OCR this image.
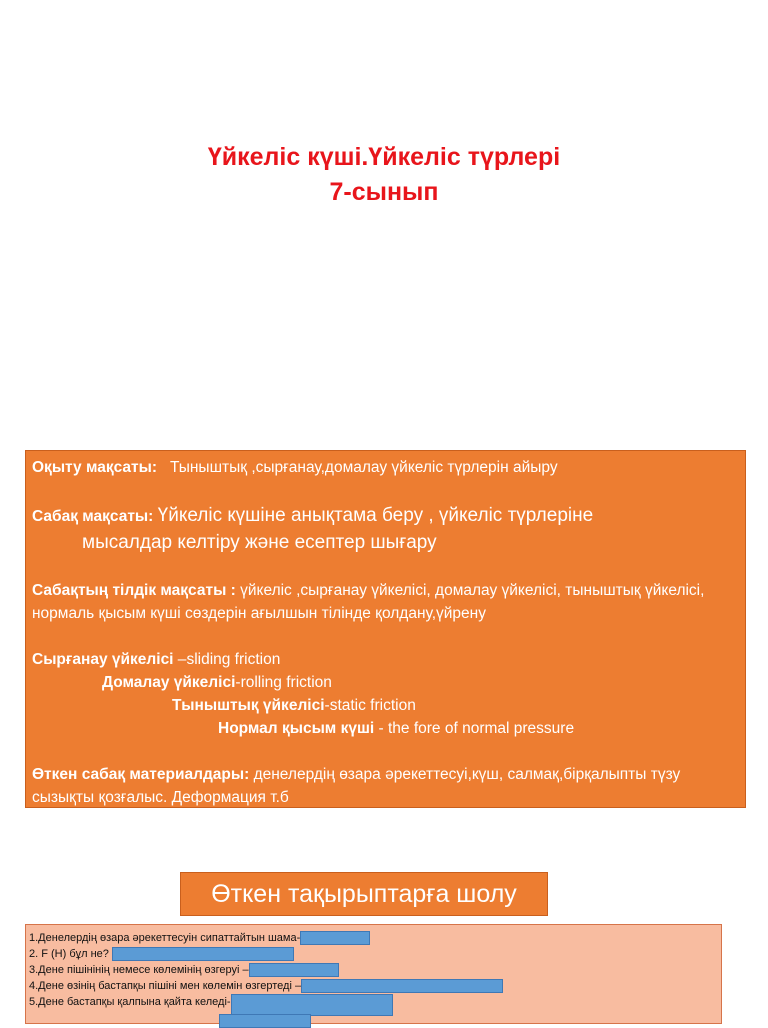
Үйкеліс күші.Үйкеліс түрлері
7-сынып

Оқыту мақсаты: Тыныштық ,сырғанау,домалау үйкеліс түрлерін айыру

Сабақ мақсаты: Үйкеліс күшіне анықтама беру , үйкеліс түрлеріне

мысалдар келтіру және есептер шығару

Сабақтың тілдік мақсаты : үйкеліс ,сырғанау үйкелісі, домалау үйкелісі, тыныштық үйкелісі, нормаль қысым күші сөздерін ағылшын тілінде қолдану,үйрену

Сырғанау үйкелісі –sliding friction

Домалау үйкелісі-rolling friction

Тыныштық үйкелісі-static friction

Нормал қысым күші - the fore of normal pressure

Өткен сабақ материалдары: денелердің өзара әрекеттесуі,күш, салмақ,бірқалыпты түзу сызықты қозғалыс. Деформация т.б

Өткен тақырыптарға шолу
1.Денелердің өзара әрекеттесуін сипаттайтын шама-
2. F (Н) бұл не?
3.Дене пішінінің немесе көлемінің өзгеруі –
4.Дене өзінің бастапқы пішіні мен көлемін өзгертеді –
5.Дене бастапқы қалпына қайта келеді-
